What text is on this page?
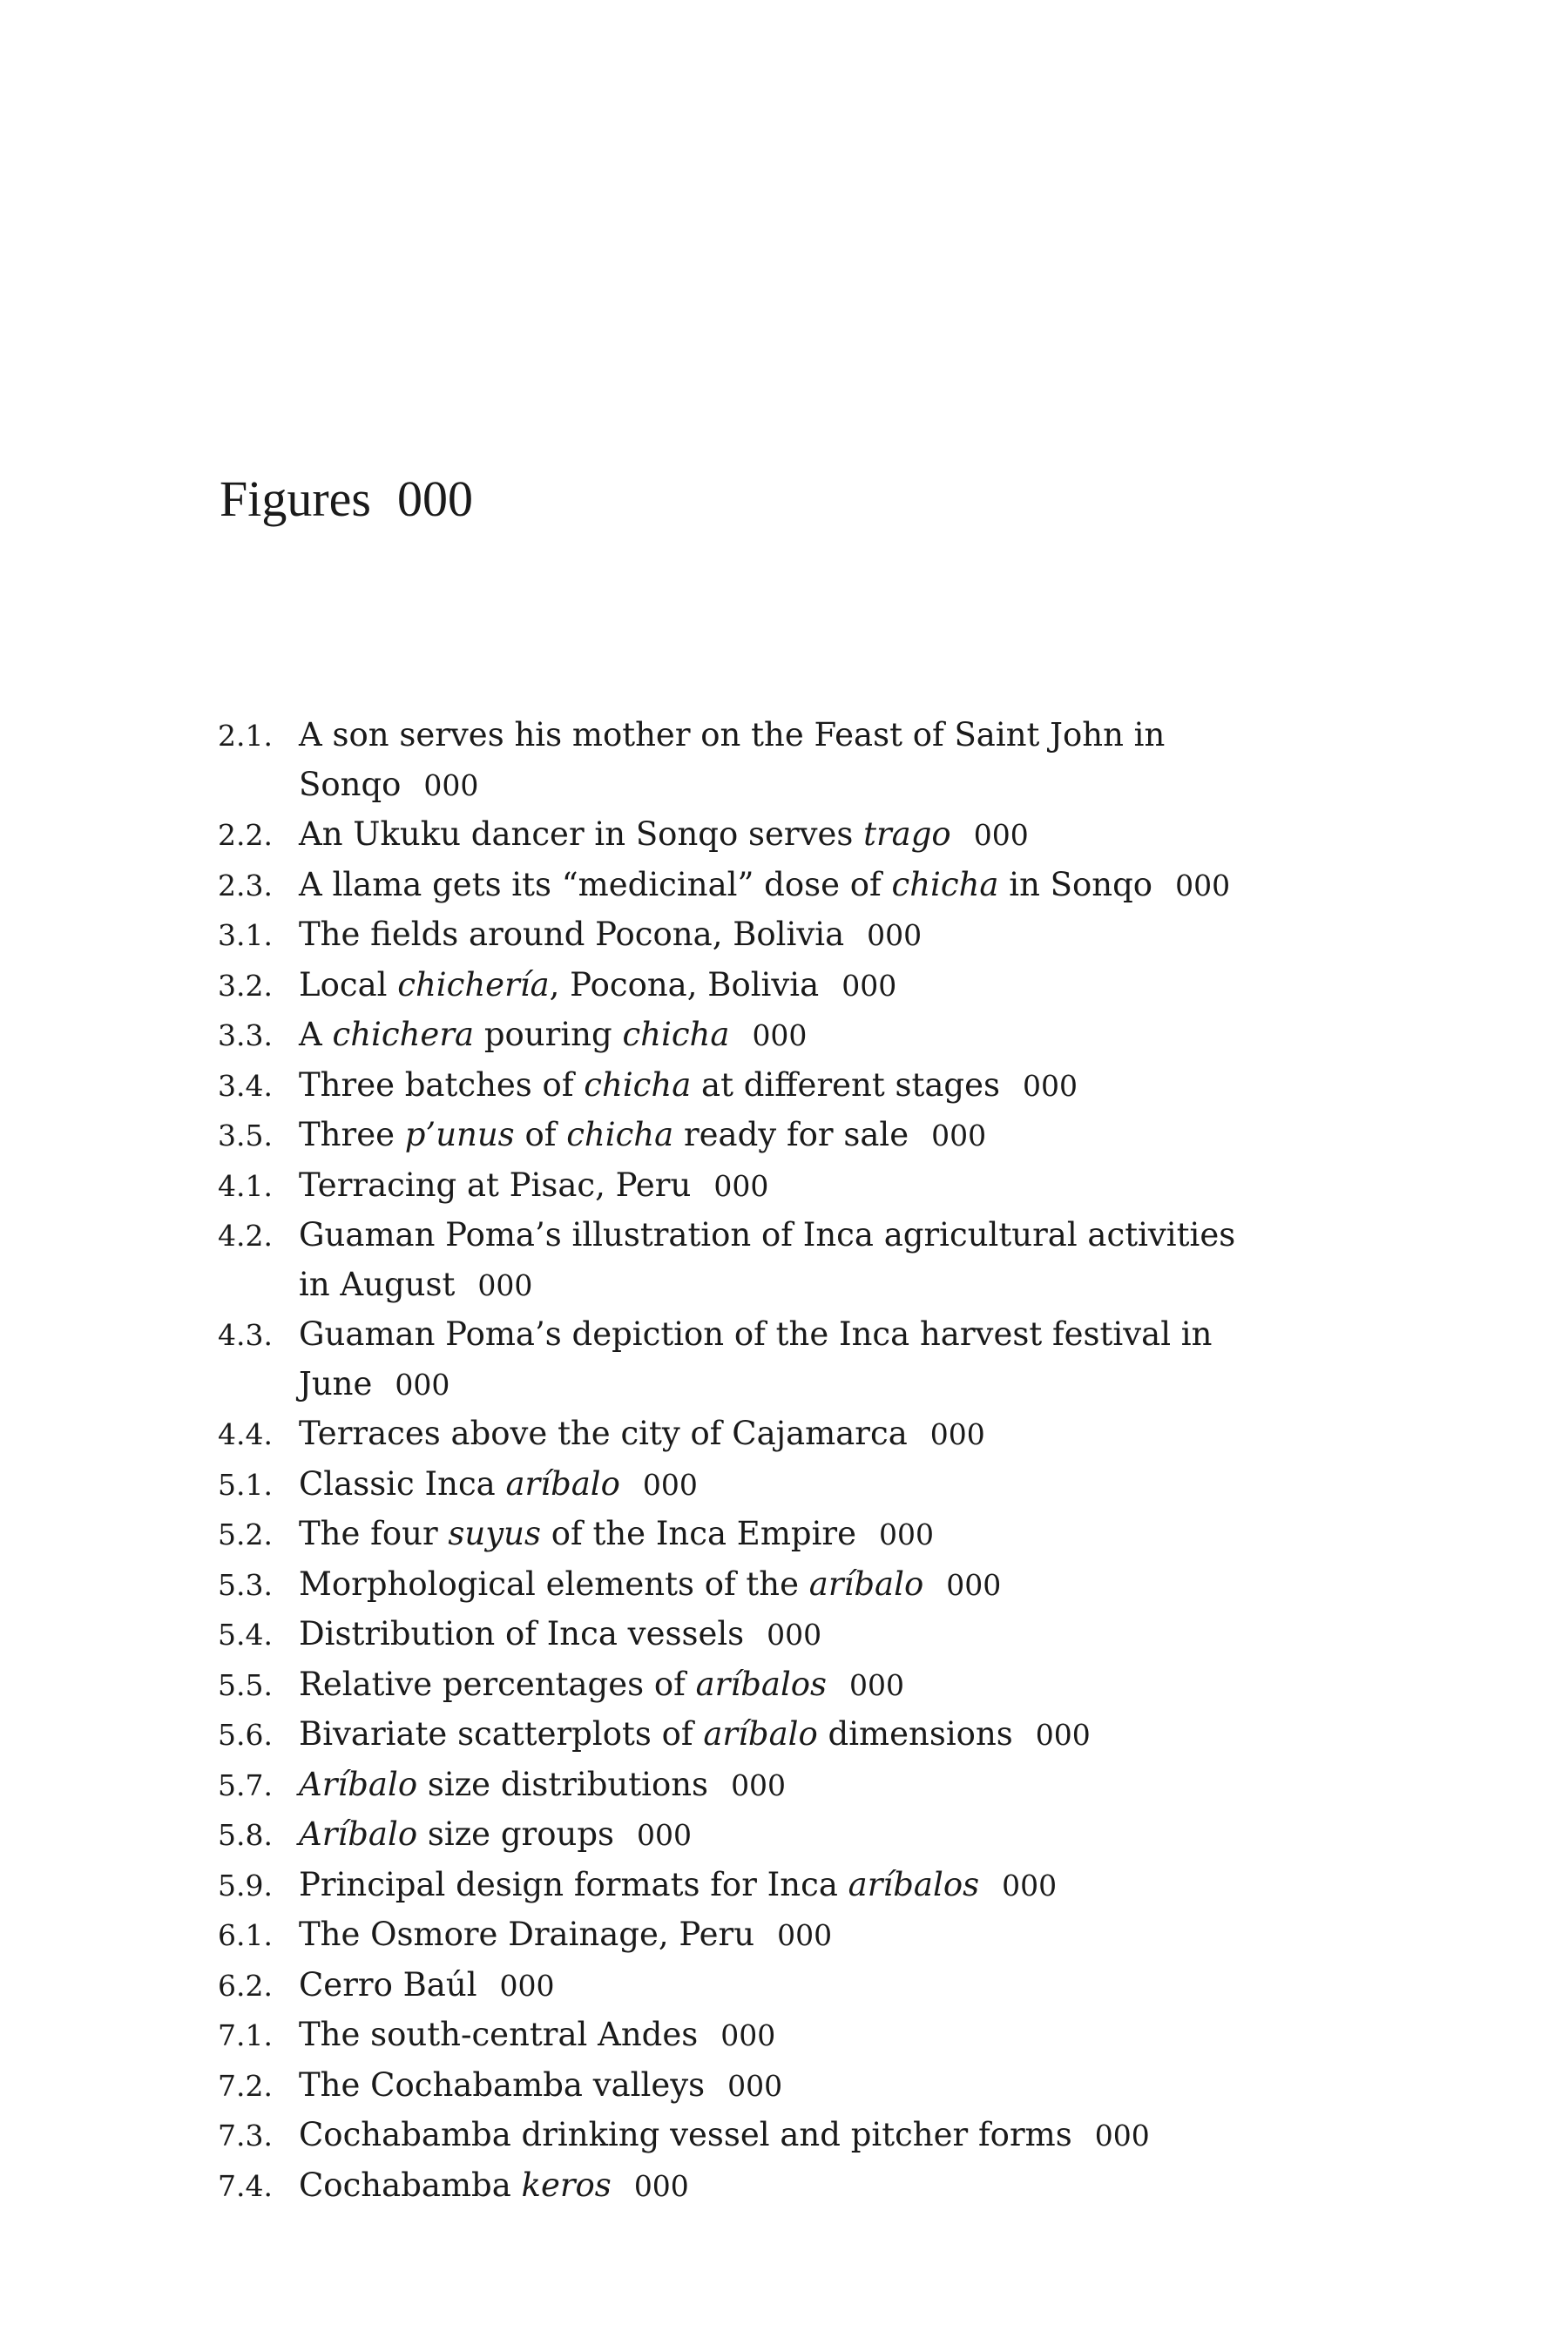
Figures 000
2.1. A son serves his mother on the Feast of Saint John in Sonqo 000
2.2. An Ukuku dancer in Sonqo serves trago 000
2.3. A llama gets its “medicinal” dose of chicha in Sonqo 000
3.1. The fields around Pocona, Bolivia 000
3.2. Local chichería, Pocona, Bolivia 000
3.3. A chichera pouring chicha 000
3.4. Three batches of chicha at different stages 000
3.5. Three p’unus of chicha ready for sale 000
4.1. Terracing at Pisac, Peru 000
4.2. Guaman Poma’s illustration of Inca agricultural activities in August 000
4.3. Guaman Poma’s depiction of the Inca harvest festival in June 000
4.4. Terraces above the city of Cajamarca 000
5.1. Classic Inca aríbalo 000
5.2. The four suyus of the Inca Empire 000
5.3. Morphological elements of the aríbalo 000
5.4. Distribution of Inca vessels 000
5.5. Relative percentages of aríbalos 000
5.6. Bivariate scatterplots of aríbalo dimensions 000
5.7. Aríbalo size distributions 000
5.8. Aríbalo size groups 000
5.9. Principal design formats for Inca aríbalos 000
6.1. The Osmore Drainage, Peru 000
6.2. Cerro Baúl 000
7.1. The south-central Andes 000
7.2. The Cochabamba valleys 000
7.3. Cochabamba drinking vessel and pitcher forms 000
7.4. Cochabamba keros 000
